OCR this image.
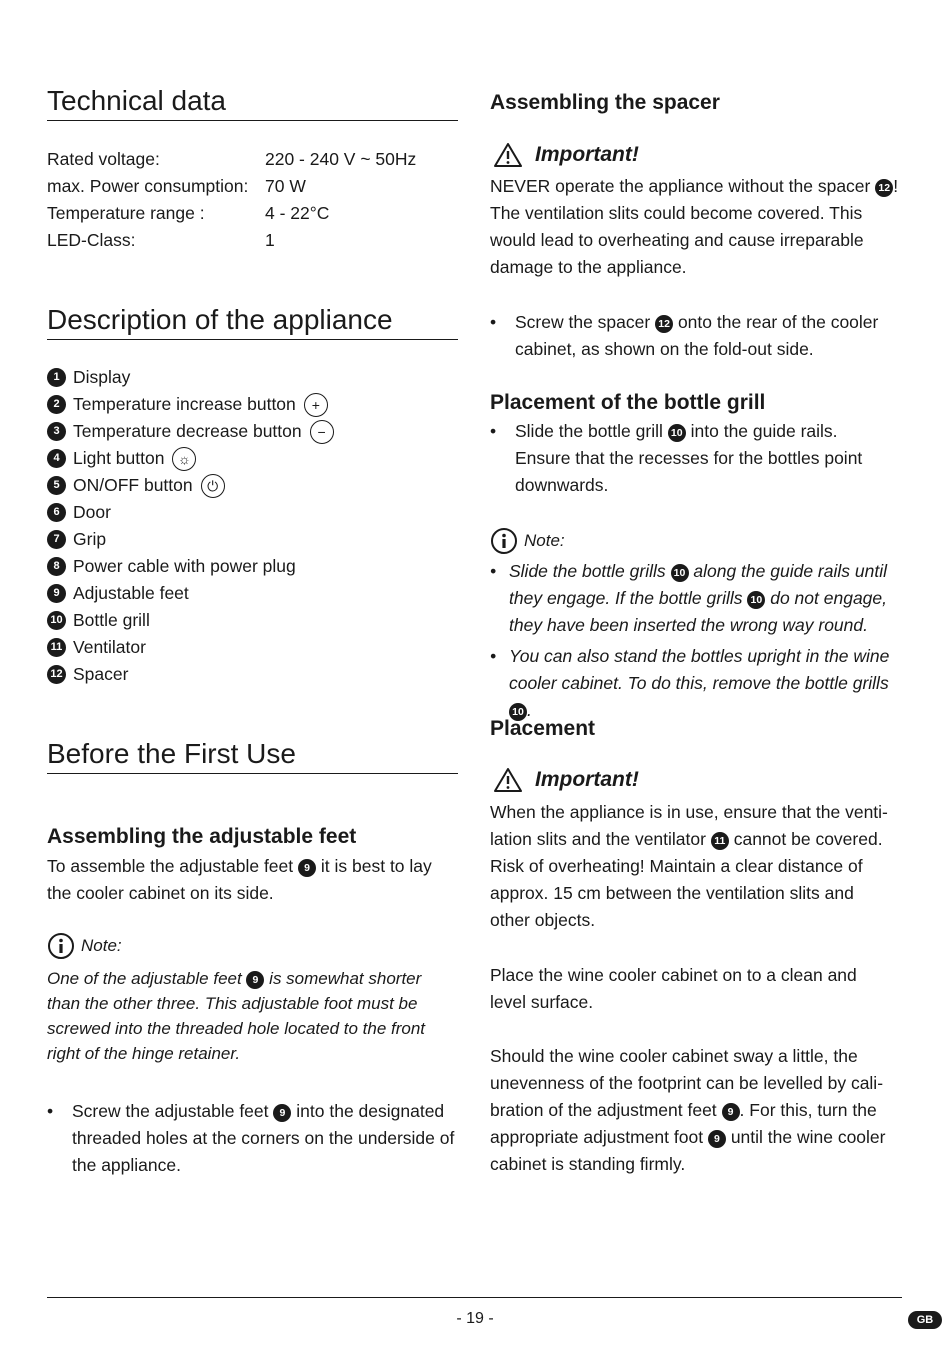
Technical data
Rated voltage:	220 - 240 V ~ 50Hz
max. Power consumption: 70 W
Temperature range :	4 - 22°C
LED-Class:	1
Description of the appliance
1 Display
2 Temperature increase button	+
3 Temperature decrease button	−
4 Light button ☼
5 ON/OFF button	⏻
6 Door
7 Grip
8 Power cable with power plug
9 Adjustable feet
10 Bottle grill
11 Ventilator
12 Spacer
Before the First Use
Assembling the adjustable feet
To assemble the adjustable feet 9 it is best to lay the cooler cabinet on its side.
Note:
One of the adjustable feet 9 is somewhat shorter than the other three. This adjustable foot must be screwed into the threaded hole located to the front right of the hinge retainer.
• Screw the adjustable feet 9 into the designated threaded holes at the corners on the underside of the appliance.
Assembling the spacer
Important!
NEVER operate the appliance without the spacer 12 ! The ventilation slits could become covered. This would lead to overheating and cause irreparable damage to the appliance.
• Screw the spacer 12 onto the rear of the cooler cabinet, as shown on the fold-out side.
Placement of the bottle grill
• Slide the bottle grill 10 into the guide rails. Ensure that the recesses for the bottles point downwards.
Note:
• Slide the bottle grills 10 along the guide rails until they engage. If the bottle grills 10 do not engage, they have been inserted the wrong way round.
• You can also stand the bottles upright in the wine cooler cabinet. To do this, remove the bottle grills 10 .
Placement
Important!
When the appliance is in use, ensure that the venti-lation slits and the ventilator 11 cannot be covered. Risk of overheating! Maintain a clear distance of approx. 15 cm between the ventilation slits and other objects.
Place the wine cooler cabinet on to a clean and level surface.
Should the wine cooler cabinet sway a little, the unevenness of the footprint can be levelled by cali-bration of the adjustment feet 9 . For this, turn the appropriate adjustment foot 9 until the wine cooler cabinet is standing firmly.
- 19 -	GB
